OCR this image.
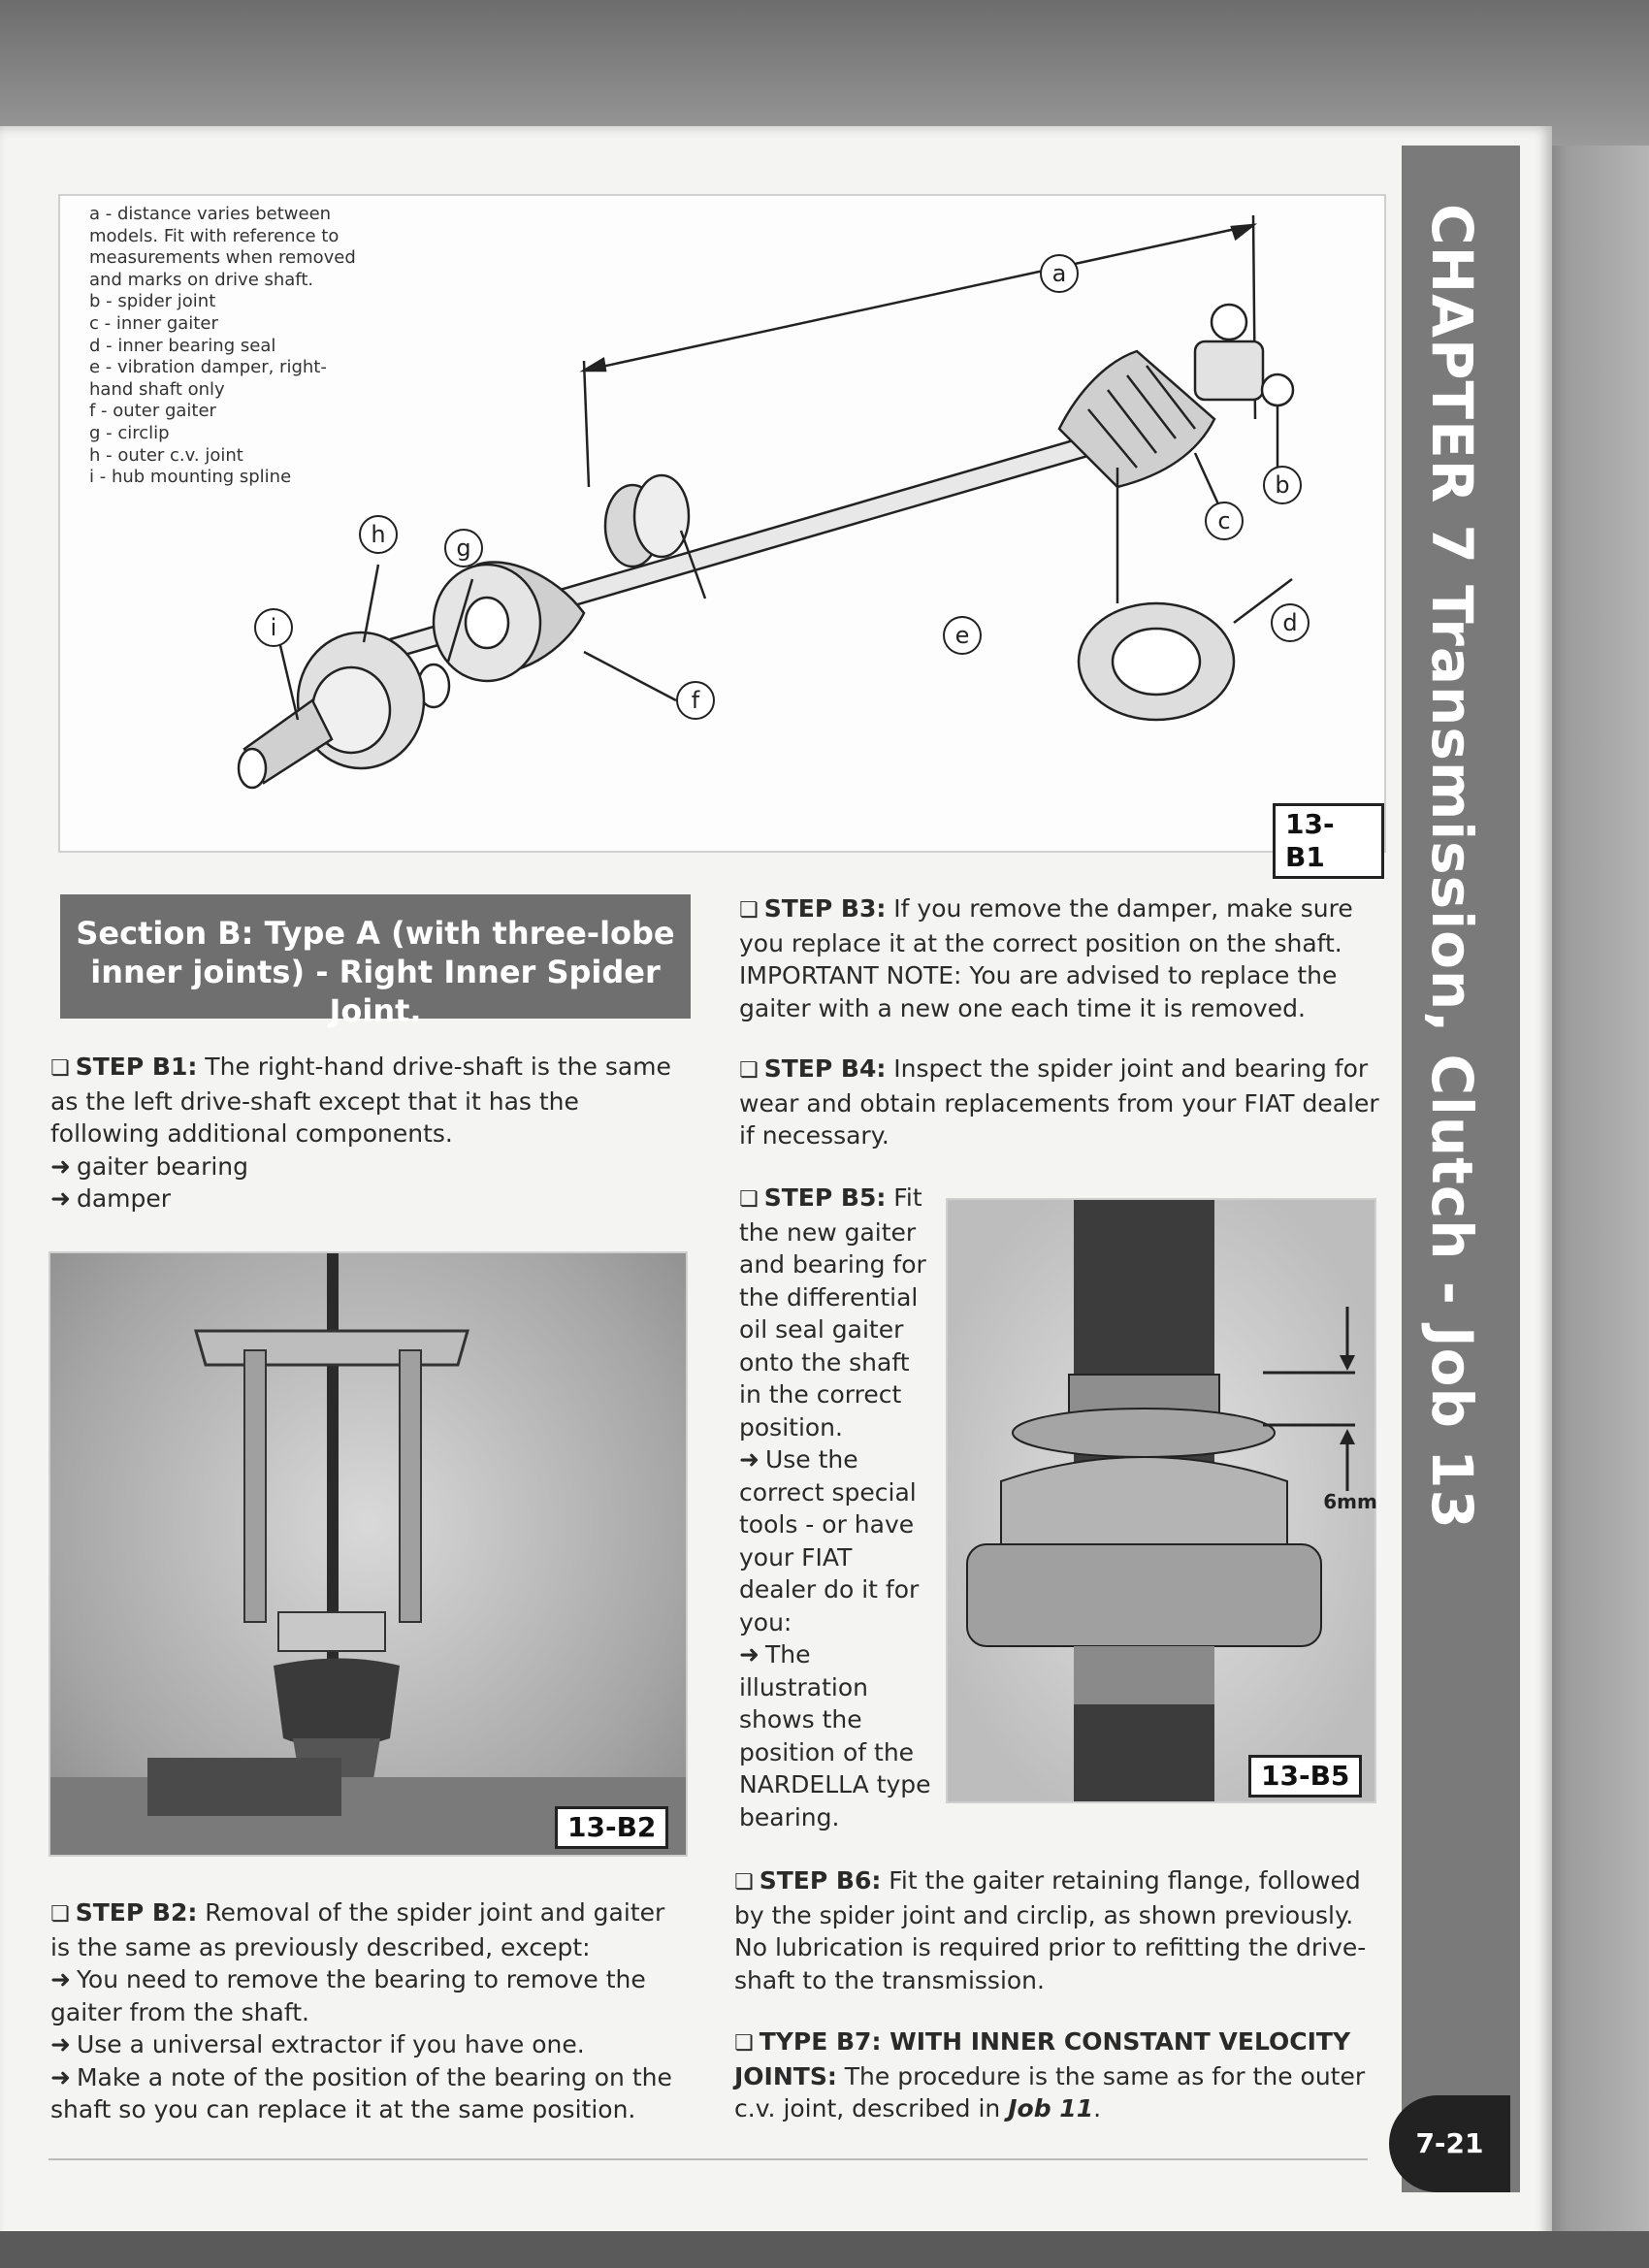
CHAPTER 7 Transmission, Clutch - Job 13
7-21
a - distance varies between
models. Fit with reference to
measurements when removed
and marks on drive shaft.
b - spider joint
c - inner gaiter
d - inner bearing seal
e - vibration damper, right-
hand shaft only
f - outer gaiter
g - circlip
h - outer c.v. joint
i - hub mounting spline
a
b
c
d
e
f
g
h
i
13-B1
Section B: Type A (with three-lobe
inner joints) - Right Inner Spider Joint.
❏ STEP B1: The right-hand drive-shaft is the same as the left drive-shaft except that it has the following additional components.
➜ gaiter bearing
➜ damper
13-B2
❏ STEP B2: Removal of the spider joint and gaiter is the same as previously described, except:
➜ You need to remove the bearing to remove the gaiter from the shaft.
➜ Use a universal extractor if you have one.
➜ Make a note of the position of the bearing on the shaft so you can replace it at the same position.
❏ STEP B3: If you remove the damper, make sure you replace it at the correct position on the shaft. IMPORTANT NOTE: You are advised to replace the gaiter with a new one each time it is removed.
❏ STEP B4: Inspect the spider joint and bearing for wear and obtain replacements from your FIAT dealer if necessary.
❏ STEP B5: Fit the new gaiter and bearing for the differential oil seal gaiter onto the shaft in the correct position.
➜ Use the correct special tools - or have your FIAT dealer do it for you:
➜ The illustration shows the position of the NARDELLA type bearing.
6mm
13-B5
❏ STEP B6: Fit the gaiter retaining flange, followed by the spider joint and circlip, as shown previously. No lubrication is required prior to refitting the drive-shaft to the transmission.
❏ TYPE B7: WITH INNER CONSTANT VELOCITY JOINTS: The procedure is the same as for the outer c.v. joint, described in Job 11.
